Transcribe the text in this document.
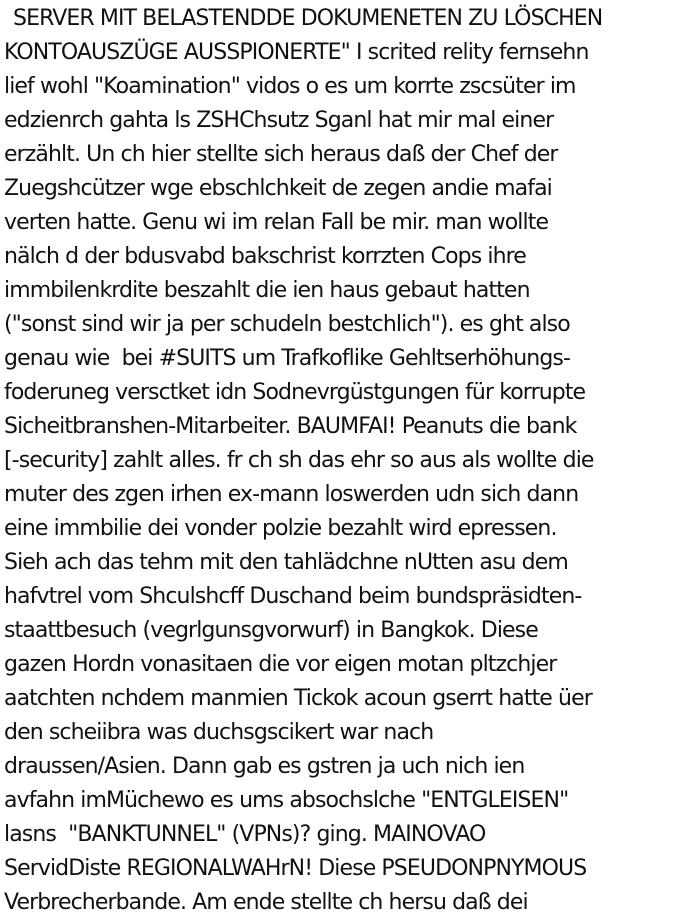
SERVER MIT BELASTENDDE DOKUMENETEN ZU LÖSCHEN
KONTOAUSZÜGE AUSSPIONERTE" I scrited relity fernsehn
lief wohl "Koamination" vidos o es um korrte zscsüter im
edzienrch gahta ls ZSHChsutz Sganl hat mir mal einer
erzählt. Un ch hier stellte sich heraus daß der Chef der
Zuegshcützer wge ebschlchkeit de zegen andie mafai
verten hatte. Genu wi im relan Fall be mir. man wollte
nälch d der bdusvabd bakschrist korrzten Cops ihre
immbilenkrdite beszahlt die ien haus gebaut hatten
("sonst sind wir ja per schudeln bestchlich"). es ght also
genau wie  bei #SUITS um Trafkoflike Gehltserhöhungs-
foderuneg versctket idn Sodnevrgüstgungen für korrupte
Sicheitbranshen-Mitarbeiter. BAUMFAI! Peanuts die bank
[-security] zahlt alles. fr ch sh das ehr so aus als wollte die
muter des zgen irhen ex-mann loswerden udn sich dann
eine immbilie dei vonder polzie bezahlt wird epressen.
Sieh ach das tehm mit den tahlädchne nUtten asu dem
hafvtrel vom Shculshcff Duschand beim bundspräsidten-
staattbesuch (vegrlgunsgvorwurf) in Bangkok. Diese
gazen Hordn vonasitaen die vor eigen motan pltzchjer
aatchten nchdem manmien Tickok acoun gserrt hatte üer
den scheiibra was duchsgscikert war nach
draussen/Asien. Dann gab es gstren ja uch nich ien
avfahn imMüchewo es ums absochslche "ENTGLEISEN"
lasns  "BANKTUNNEL" (VPNs)? ging. MAINOVAO
ServidDiste REGIONALWAHrN! Diese PSEUDONPNYMOUS
Verbrecherbande. Am ende stellte ch hersu daß dei
